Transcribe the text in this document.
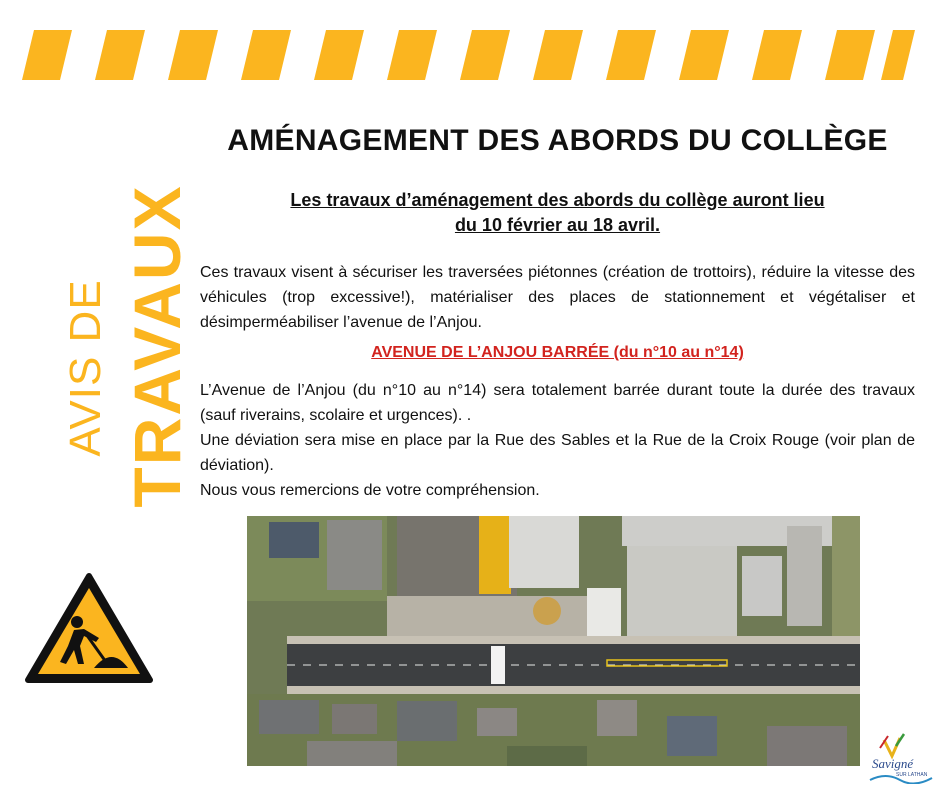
AVIS DE TRAVAUX
AMÉNAGEMENT DES ABORDS DU COLLÈGE
Les travaux d’aménagement des abords du collège auront lieu
du 10 février au 18 avril.

Ces travaux visent à sécuriser les traversées piétonnes (création de trottoirs), réduire la vitesse des véhicules (trop excessive!), matérialiser des places de stationnement et végétaliser et désimperméabiliser l’avenue de l’Anjou.

AVENUE DE L’ANJOU BARRÉE (du n°10 au n°14)
L’Avenue de l’Anjou (du n°10 au n°14) sera totalement barrée durant toute la durée des travaux (sauf riverains, scolaire et urgences). .
Une déviation sera mise en place par la Rue des Sables et la Rue de la Croix Rouge (voir plan de déviation).
Nous vous remercions de votre compréhension.
Savigné
SUR LATHAN
